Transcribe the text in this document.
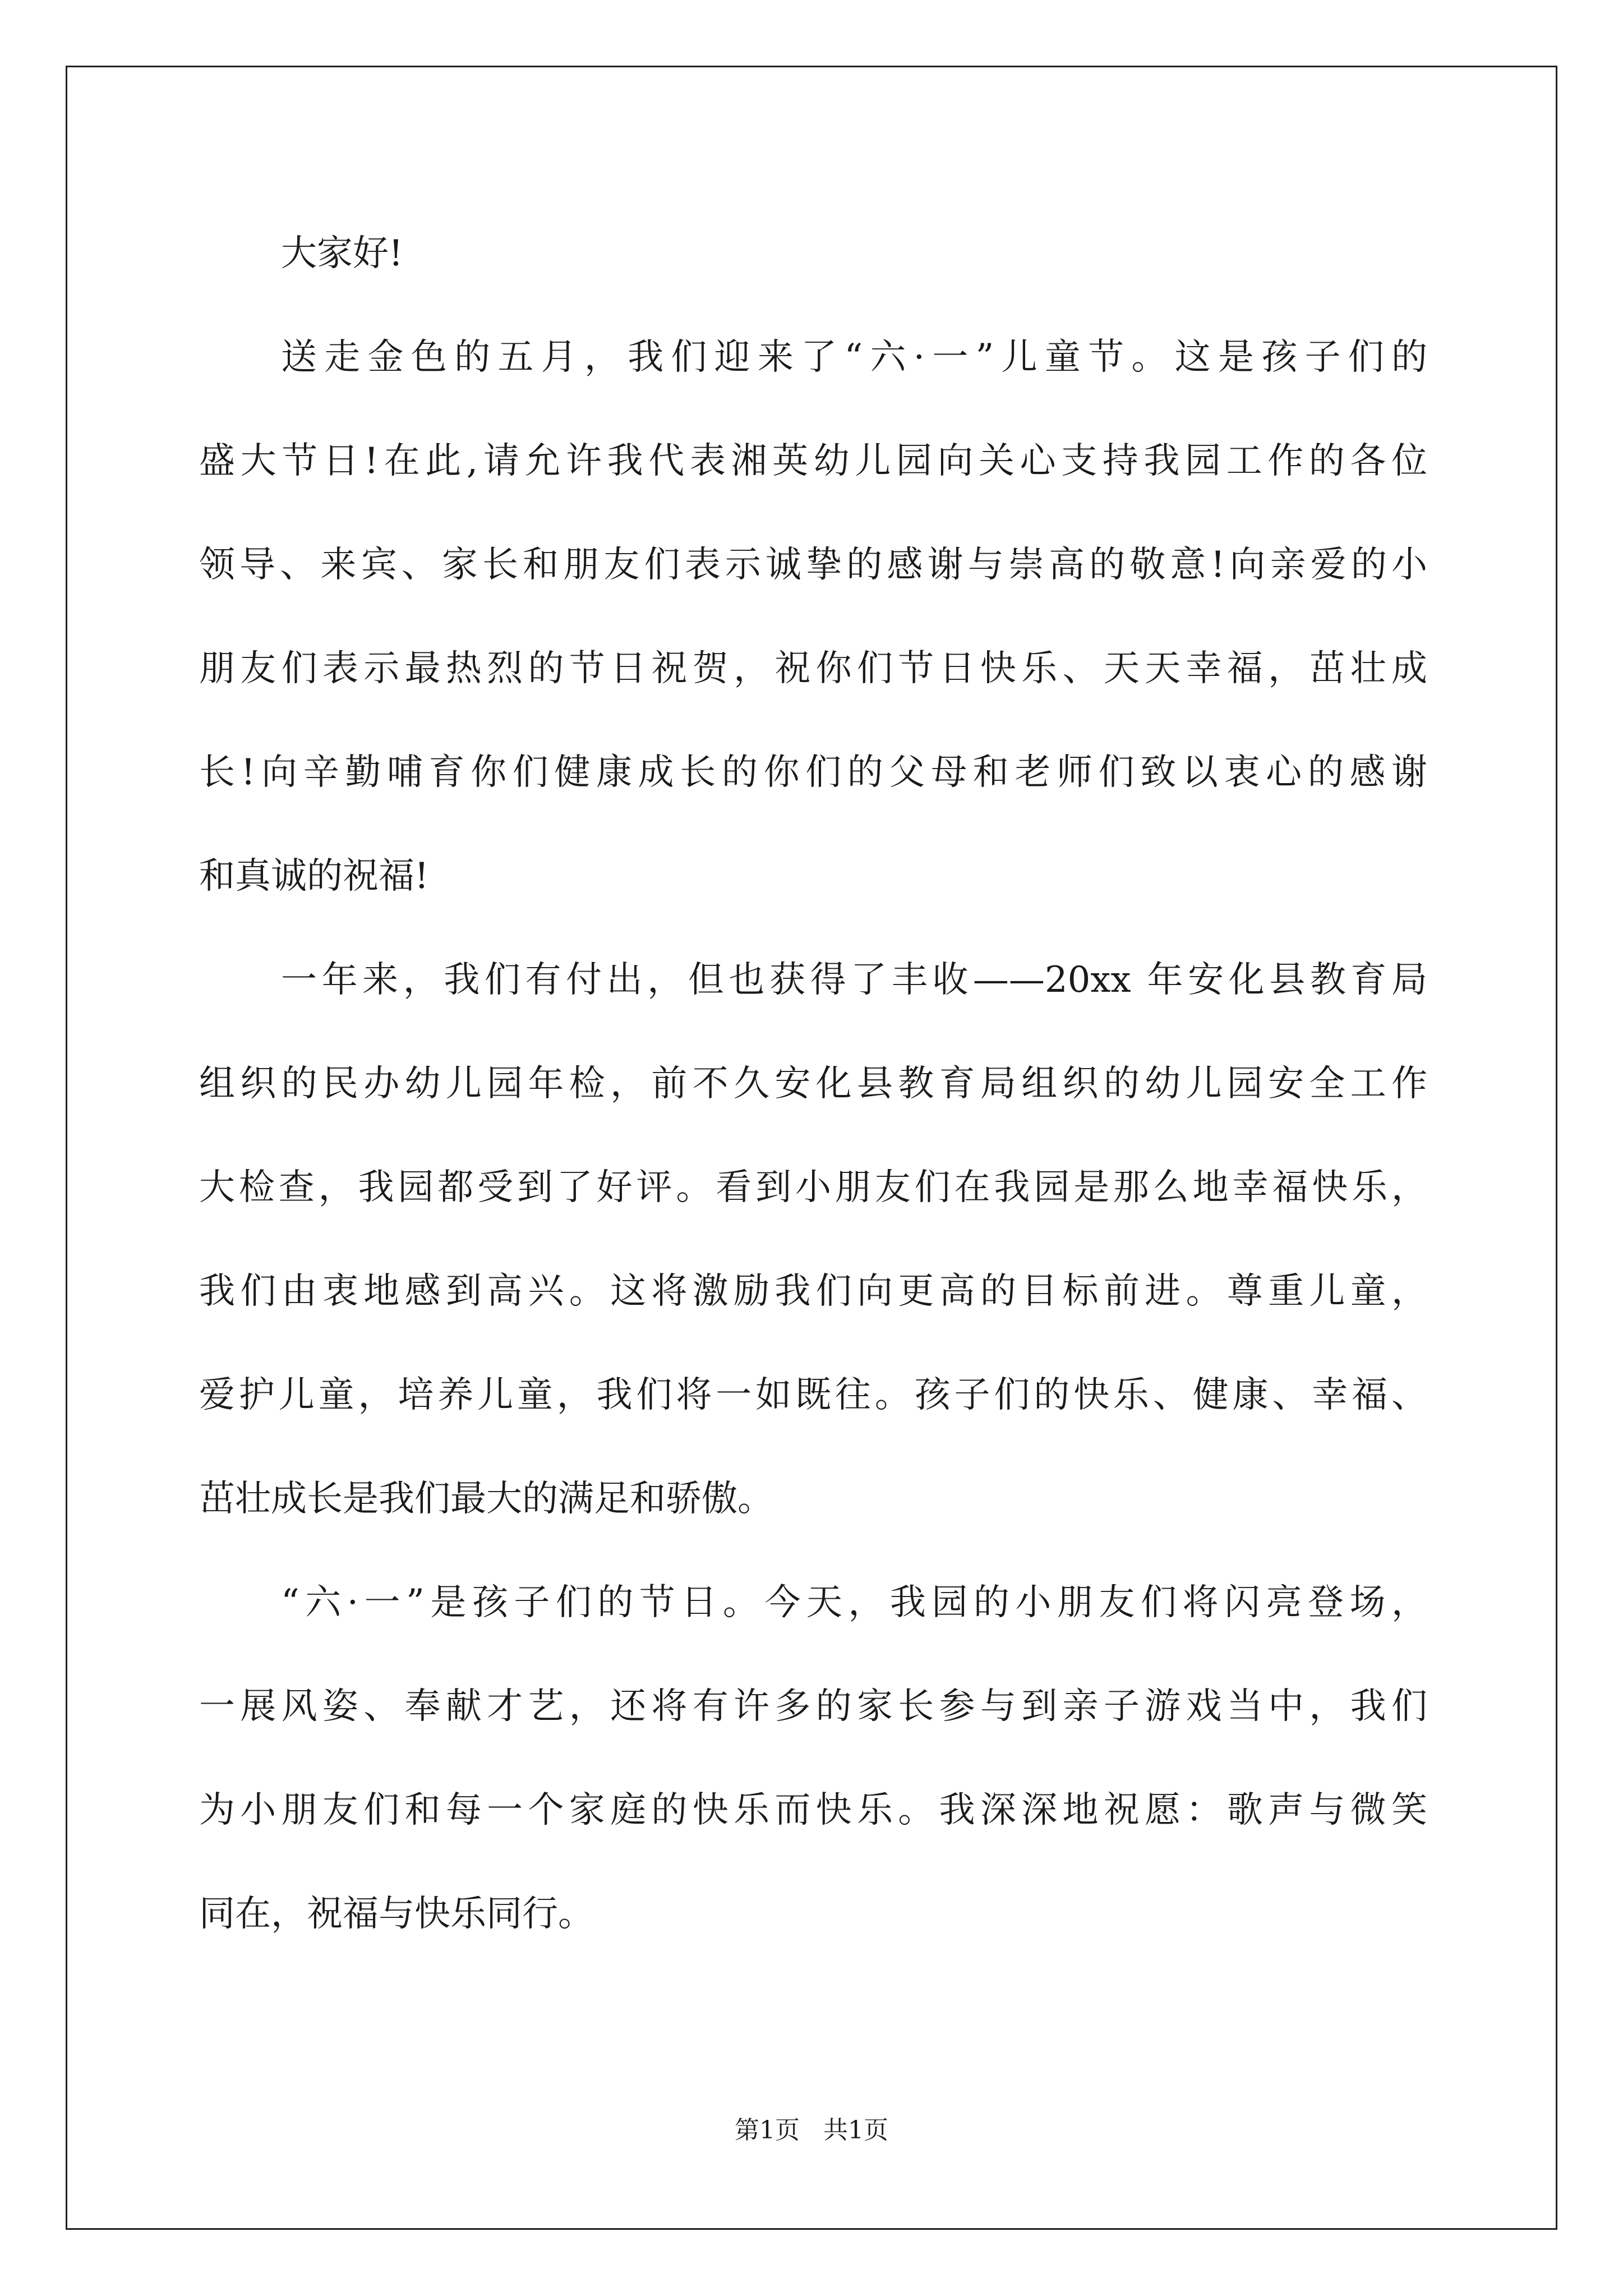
大家好!

送走金色的五月，我们迎来了“六·一”儿童节。这是孩子们的
盛大节日!在此,请允许我代表湘英幼儿园向关心支持我园工作的各位
领导、来宾、家长和朋友们表示诚挚的感谢与崇高的敬意!向亲爱的小
朋友们表示最热烈的节日祝贺，祝你们节日快乐、天天幸福，茁壮成
长!向辛勤哺育你们健康成长的你们的父母和老师们致以衷心的感谢
和真诚的祝福!
一年来，我们有付出，但也获得了丰收——20xx 年安化县教育局
组织的民办幼儿园年检，前不久安化县教育局组织的幼儿园安全工作
大检查，我园都受到了好评。看到小朋友们在我园是那么地幸福快乐，
我们由衷地感到高兴。这将激励我们向更高的目标前进。尊重儿童，
爱护儿童，培养儿童，我们将一如既往。孩子们的快乐、健康、幸福、
茁壮成长是我们最大的满足和骄傲。
“六·一”是孩子们的节日。今天，我园的小朋友们将闪亮登场，
一展风姿、奉献才艺，还将有许多的家长参与到亲子游戏当中，我们
为小朋友们和每一个家庭的快乐而快乐。我深深地祝愿：歌声与微笑
同在，祝福与快乐同行。
第1页   共1页
